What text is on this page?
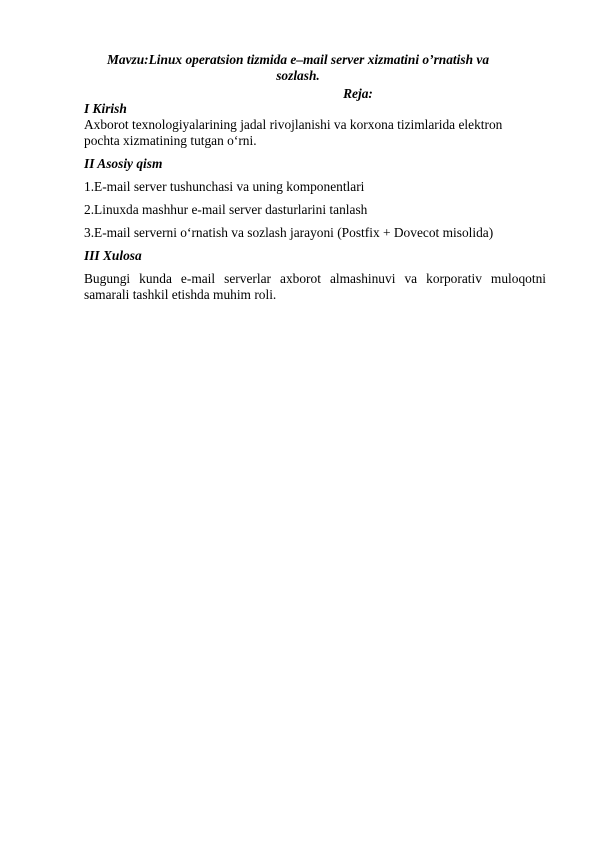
Mavzu:Linux operatsion tizmida e–mail server xizmatini o’rnatish va
sozlash.
Reja:

I Kirish

Axborot texnologiyalarining jadal rivojlanishi va korxona tizimlarida elektron pochta xizmatining tutgan o‘rni.

II Asosiy qism

1.E-mail server tushunchasi va uning komponentlari

2.Linuxda mashhur e-mail server dasturlarini tanlash

3.E-mail serverni o‘rnatish va sozlash jarayoni (Postfix + Dovecot misolida)

III Xulosa

Bugungi kunda e-mail serverlar axborot almashinuvi va korporativ muloqotni samarali tashkil etishda muhim roli.
